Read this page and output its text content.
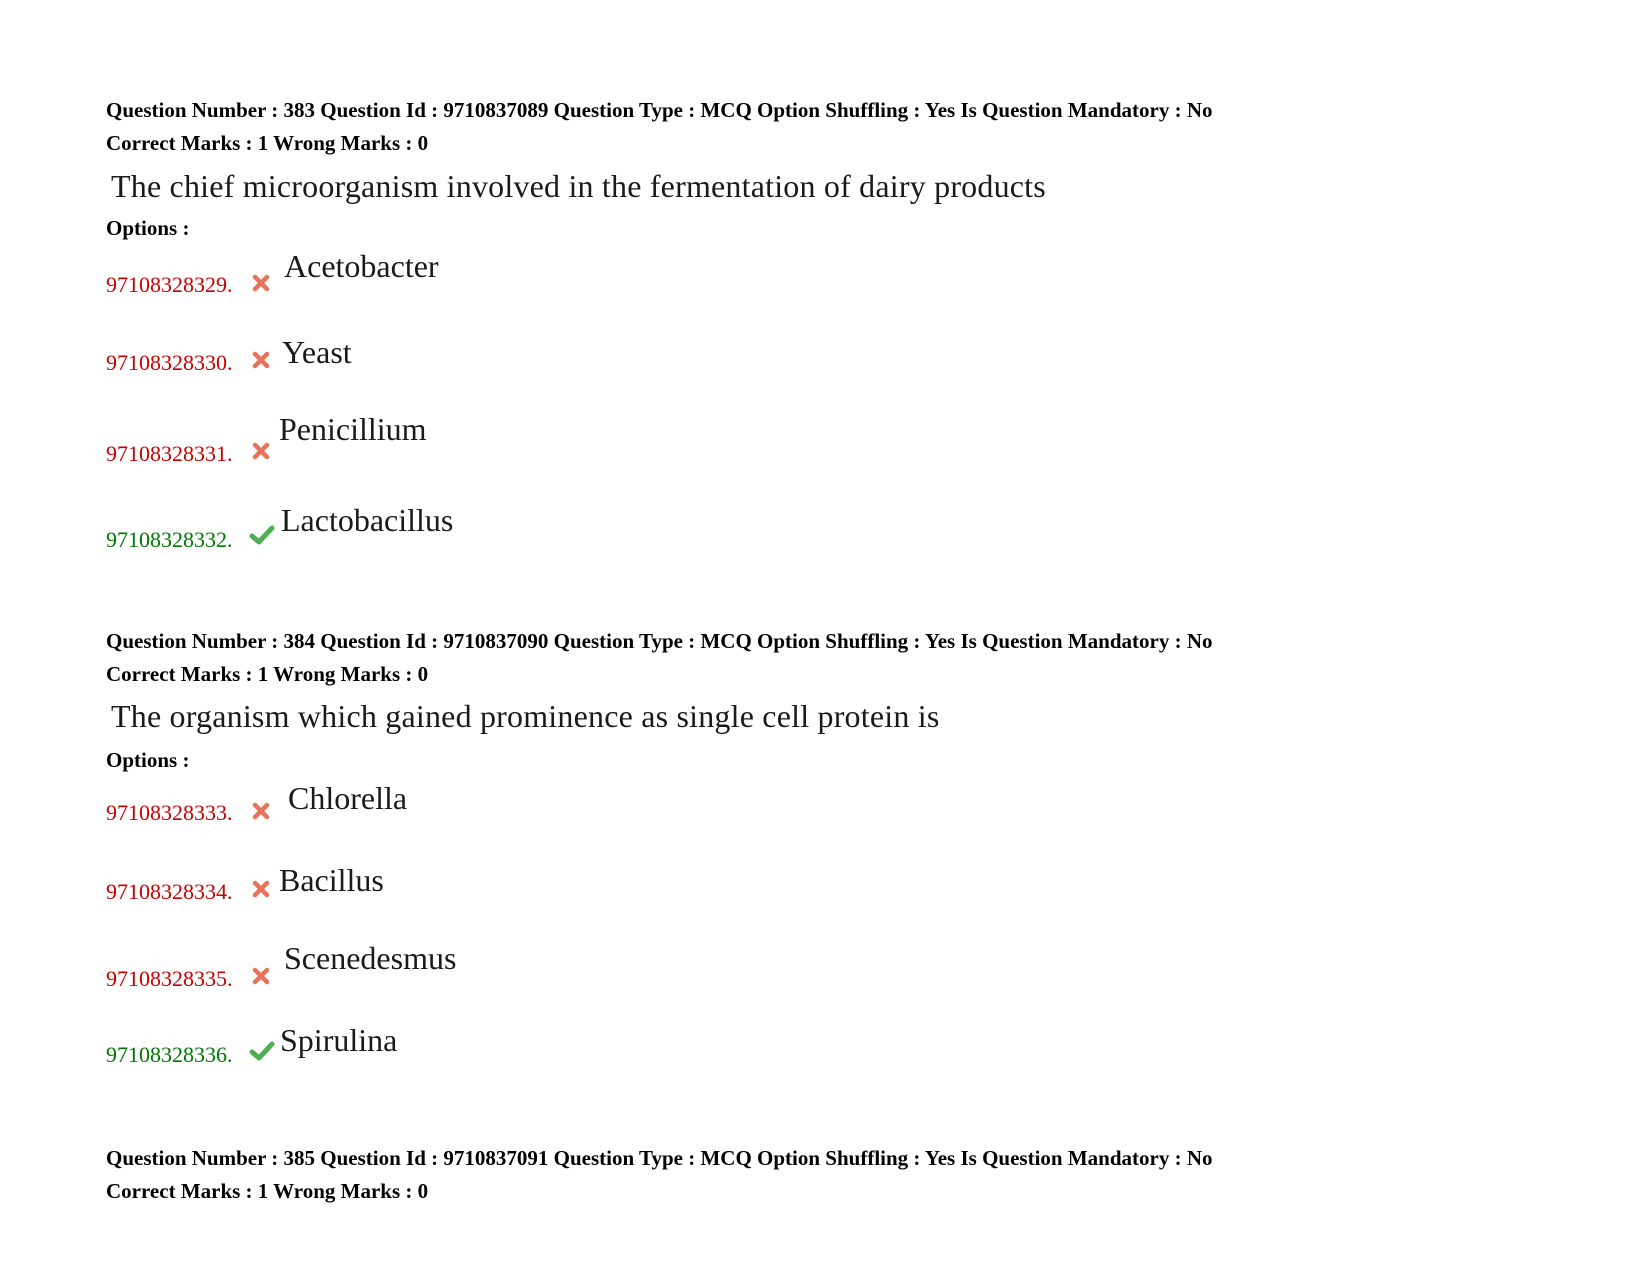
Question Number : 383 Question Id : 9710837089 Question Type : MCQ Option Shuffling : Yes Is Question Mandatory : No
Correct Marks : 1 Wrong Marks : 0
The chief microorganism involved in the fermentation of dairy products
Options :
97108328329.
Acetobacter
97108328330. Yeast
97108328331.
Penicillium
97108328332.
Lactobacillus
Question Number : 384 Question Id : 9710837090 Question Type : MCQ Option Shuffling : Yes Is Question Mandatory : No
Correct Marks : 1 Wrong Marks : 0
The organism which gained prominence as single cell protein is
Options :
97108328333. Chlorella
97108328334. Bacillus
97108328335.
Scenedesmus
97108328336. Spirulina
Question Number : 385 Question Id : 9710837091 Question Type : MCQ Option Shuffling : Yes Is Question Mandatory : No
Correct Marks : 1 Wrong Marks : 0
